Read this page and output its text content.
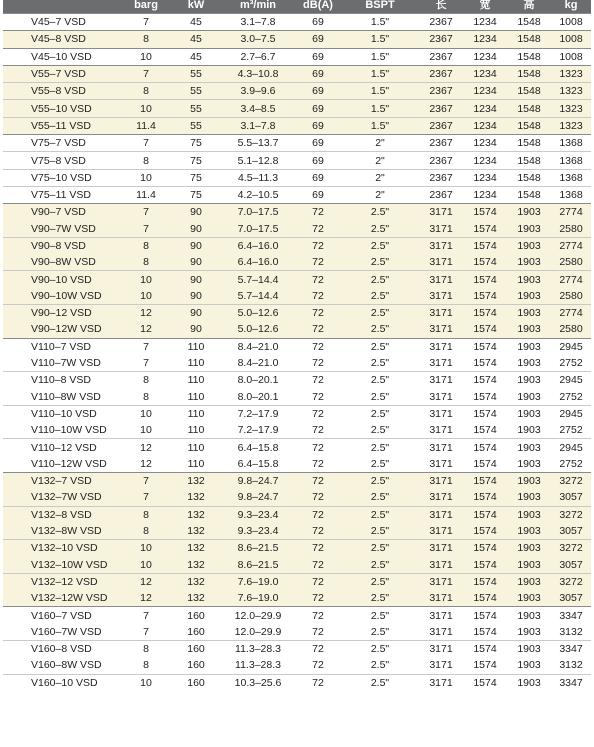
	barg	kW	m³/min	dB(A)	BSPT	长	宽	高	kg
V45–7 VSD	7	45	3.1–7.8	69	1.5"	2367	1234	1548	1008
V45–8 VSD	8	45	3.0–7.5	69	1.5"	2367	1234	1548	1008
V45–10 VSD	10	45	2.7–6.7	69	1.5"	2367	1234	1548	1008
V55–7 VSD	7	55	4.3–10.8	69	1.5"	2367	1234	1548	1323
V55–8 VSD	8	55	3.9–9.6	69	1.5"	2367	1234	1548	1323
V55–10 VSD	10	55	3.4–8.5	69	1.5"	2367	1234	1548	1323
V55–11 VSD	11.4	55	3.1–7.8	69	1.5"	2367	1234	1548	1323
V75–7 VSD	7	75	5.5–13.7	69	2"	2367	1234	1548	1368
V75–8 VSD	8	75	5.1–12.8	69	2"	2367	1234	1548	1368
V75–10 VSD	10	75	4.5–11.3	69	2"	2367	1234	1548	1368
V75–11 VSD	11.4	75	4.2–10.5	69	2"	2367	1234	1548	1368
V90–7 VSD	7	90	7.0–17.5	72	2.5"	3171	1574	1903	2774
V90–7W VSD	7	90	7.0–17.5	72	2.5"	3171	1574	1903	2580
V90–8 VSD	8	90	6.4–16.0	72	2.5"	3171	1574	1903	2774
V90–8W VSD	8	90	6.4–16.0	72	2.5"	3171	1574	1903	2580
V90–10 VSD	10	90	5.7–14.4	72	2.5"	3171	1574	1903	2774
V90–10W VSD	10	90	5.7–14.4	72	2.5"	3171	1574	1903	2580
V90–12 VSD	12	90	5.0–12.6	72	2.5"	3171	1574	1903	2774
V90–12W VSD	12	90	5.0–12.6	72	2.5"	3171	1574	1903	2580
V110–7 VSD	7	110	8.4–21.0	72	2.5"	3171	1574	1903	2945
V110–7W VSD	7	110	8.4–21.0	72	2.5"	3171	1574	1903	2752
V110–8 VSD	8	110	8.0–20.1	72	2.5"	3171	1574	1903	2945
V110–8W VSD	8	110	8.0–20.1	72	2.5"	3171	1574	1903	2752
V110–10 VSD	10	110	7.2–17.9	72	2.5"	3171	1574	1903	2945
V110–10W VSD	10	110	7.2–17.9	72	2.5"	3171	1574	1903	2752
V110–12 VSD	12	110	6.4–15.8	72	2.5"	3171	1574	1903	2945
V110–12W VSD	12	110	6.4–15.8	72	2.5"	3171	1574	1903	2752
V132–7 VSD	7	132	9.8–24.7	72	2.5"	3171	1574	1903	3272
V132–7W VSD	7	132	9.8–24.7	72	2.5"	3171	1574	1903	3057
V132–8 VSD	8	132	9.3–23.4	72	2.5"	3171	1574	1903	3272
V132–8W VSD	8	132	9.3–23.4	72	2.5"	3171	1574	1903	3057
V132–10 VSD	10	132	8.6–21.5	72	2.5"	3171	1574	1903	3272
V132–10W VSD	10	132	8.6–21.5	72	2.5"	3171	1574	1903	3057
V132–12 VSD	12	132	7.6–19.0	72	2.5"	3171	1574	1903	3272
V132–12W VSD	12	132	7.6–19.0	72	2.5"	3171	1574	1903	3057
V160–7 VSD	7	160	12.0–29.9	72	2.5"	3171	1574	1903	3347
V160–7W VSD	7	160	12.0–29.9	72	2.5"	3171	1574	1903	3132
V160–8 VSD	8	160	11.3–28.3	72	2.5"	3171	1574	1903	3347
V160–8W VSD	8	160	11.3–28.3	72	2.5"	3171	1574	1903	3132
V160–10 VSD	10	160	10.3–25.6	72	2.5"	3171	1574	1903	3347
